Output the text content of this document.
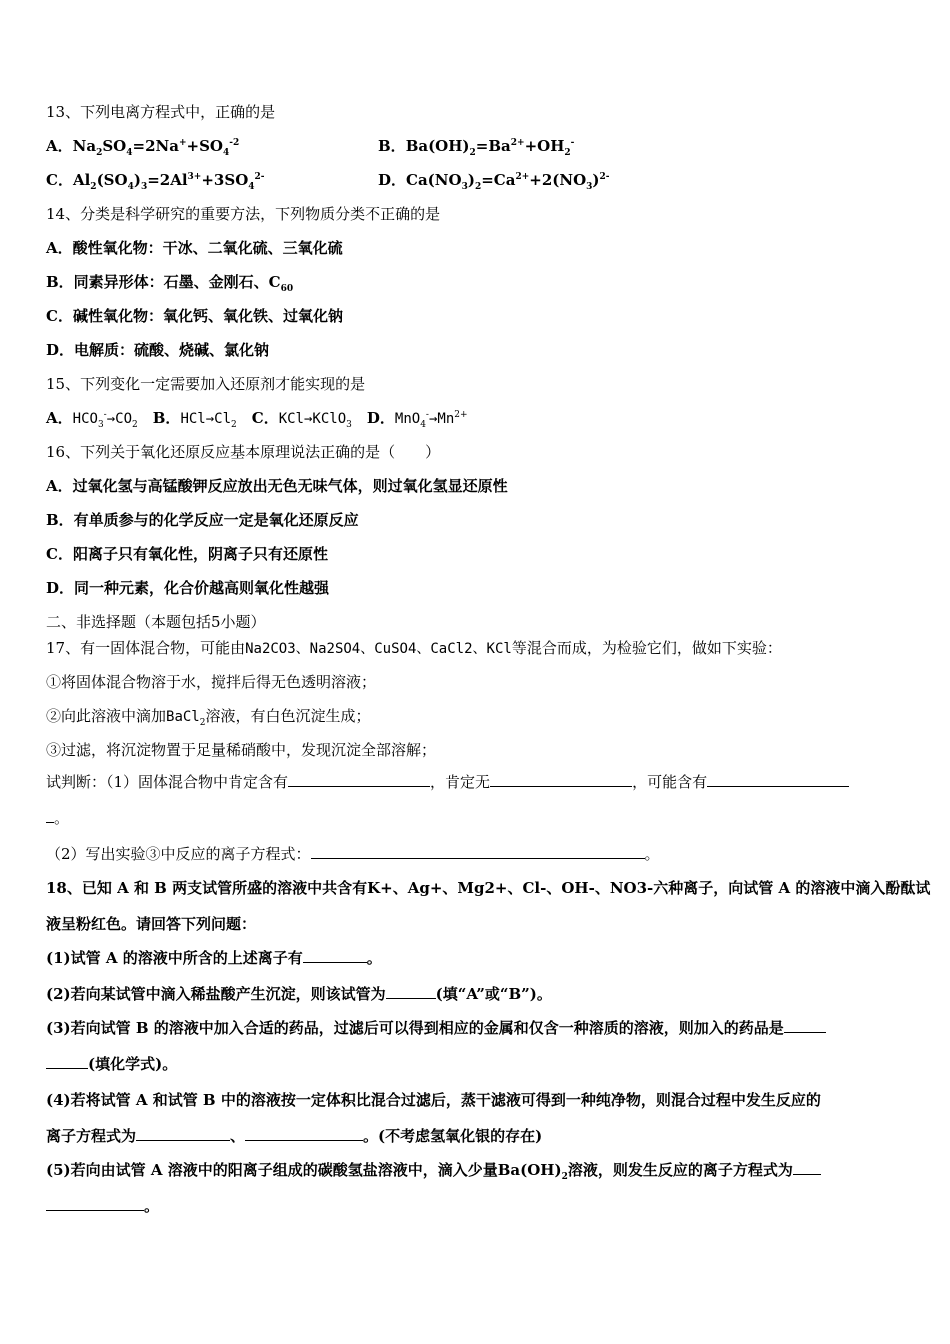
13、下列电离方程式中，正确的是
A．$Na_2SO_4=2Na^++SO_4^{-2}$	B．$Ba(OH)_2=Ba^{2+}+OH_2^-$
C．$Al_2(SO_4)_3=2Al^{3+}+3SO_4^{2-}$	D．$Ca(NO_3)_2=Ca^{2+}+2(NO_3)^{2-}$
14、分类是科学研究的重要方法，下列物质分类不正确的是
A．酸性氧化物：干冰、二氧化硫、三氧化硫
B．同素异形体：石墨、金刚石、$C_{60}$
C．碱性氧化物：氧化钙、氧化铁、过氧化钠
D．电解质：硫酸、烧碱、氯化钠
15、下列变化一定需要加入还原剂才能实现的是
A．$HCO_3^-\to CO_2$  B．$HCl\to Cl_2$  C．KCl→KClO$_3$  D．$MnO_4^-\to Mn^{2+}$
16、下列关于氧化还原反应基本原理说法正确的是（　　）
A．过氧化氢与高锰酸钾反应放出无色无味气体，则过氧化氢显还原性
B．有单质参与的化学反应一定是氧化还原反应
C．阳离子只有氧化性，阴离子只有还原性
D．同一种元素，化合价越高则氧化性越强
二、非选择题（本题包括5小题）
17、有一固体混合物，可能由Na2CO3、Na2SO4、CuSO4、CaCl2、KCl等混合而成，为检验它们，做如下实验：
①将固体混合物溶于水，搅拌后得无色透明溶液；
②向此溶液中滴加BaCl$_2$溶液，有白色沉淀生成；
③过滤，将沉淀物置于足量稀硝酸中，发现沉淀全部溶解；
试判断：（1）固体混合物中肯定含有	，肯定无	，可能含有
。
（2）写出实验③中反应的离子方程式：	。
18、已知 A 和 B 两支试管所盛的溶液中共含有K+、Ag+、Mg2+、Cl-、OH-、NO3-六种离子，向试管 A 的溶液中滴入酚酞试
液呈粉红色。请回答下列问题：
(1)试管 A 的溶液中所含的上述离子有	。
(2)若向某试管中滴入稀盐酸产生沉淀，则该试管为	(填“A”或“B”)。
(3)若向试管 B 的溶液中加入合适的药品，过滤后可以得到相应的金属和仅含一种溶质的溶液，则加入的药品是
(填化学式)。
(4)若将试管 A 和试管 B 中的溶液按一定体积比混合过滤后，蒸干滤液可得到一种纯净物，则混合过程中发生反应的
离子方程式为	、	。(不考虑氢氧化银的存在)
(5)若向由试管 A 溶液中的阳离子组成的碳酸氢盐溶液中，滴入少量$Ba(OH)_2$溶液，则发生反应的离子方程式为
。
